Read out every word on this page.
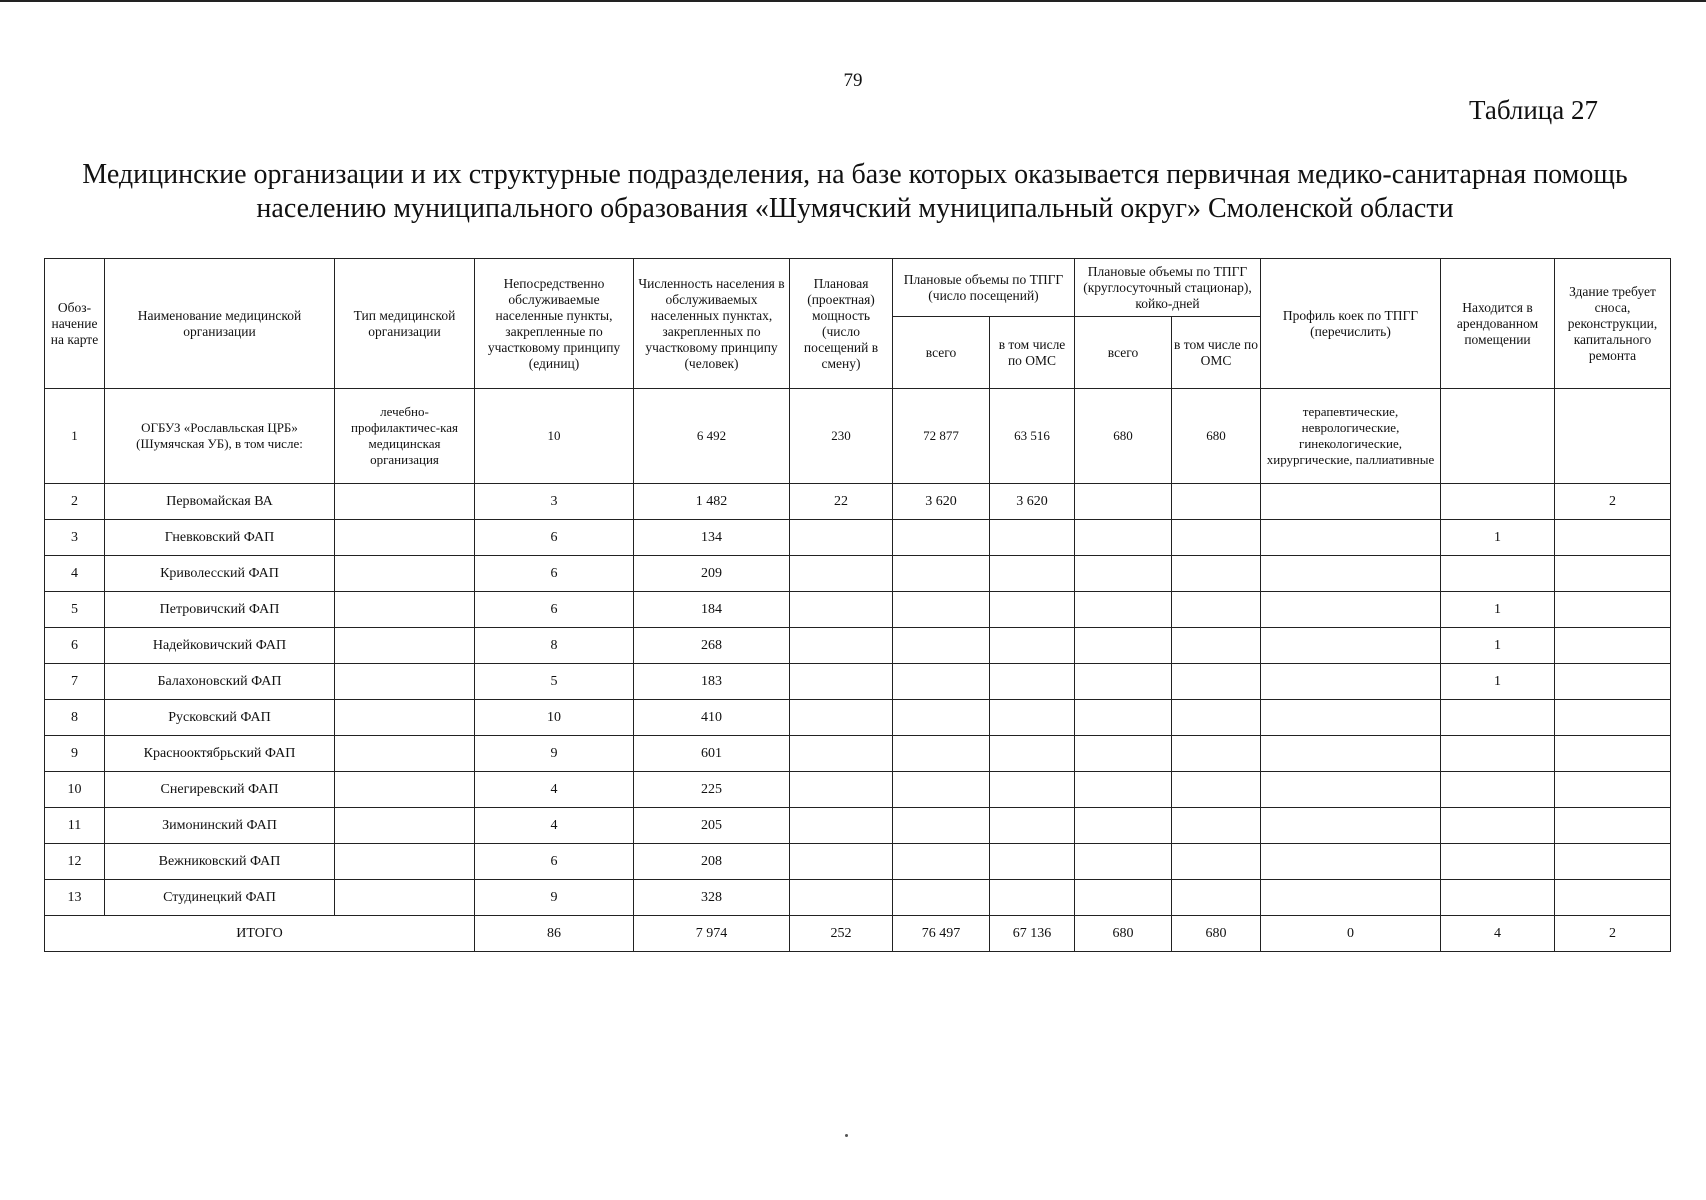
79
Таблица 27
Медицинские организации и их структурные подразделения, на базе которых оказывается первичная медико-санитарная помощь населению муниципального образования «Шумячский муниципальный округ» Смоленской области
Обоз-начение на карте	Наименование медицинской организации	Тип медицинской организации	Непосредственно обслуживаемые населенные пункты, закрепленные по участковому принципу (единиц)	Численность населения в обслуживаемых населенных пунктах, закрепленных по участковому принципу (человек)	Плановая (проектная) мощность (число посещений в смену)	Плановые объемы по ТПГГ (число посещений)		Плановые объемы по ТПГГ (круглосуточный стационар), койко-дней		Профиль коек по ТПГГ (перечислить)	Находится в арендованном помещении	Здание требует сноса, реконструкции, капитального ремонта
						всего	в том числе по ОМС	всего	в том числе по ОМС			
1	ОГБУЗ «Рославльская ЦРБ» (Шумячская УБ), в том числе:	лечебно-профилактичес-кая медицинская организация	10	6 492	230	72 877	63 516	680	680	терапевтические, неврологические, гинекологические, хирургические, паллиативные		
2	Первомайская ВА		3	1 482	22	3 620	3 620					2
3	Гневковский ФАП		6	134							1	
4	Криволесский ФАП		6	209								
5	Петровичский ФАП		6	184							1	
6	Надейковичский ФАП		8	268							1	
7	Балахоновский ФАП		5	183							1	
8	Русковский ФАП		10	410								
9	Краснооктябрьский ФАП		9	601								
10	Снегиревский ФАП		4	225								
11	Зимонинский ФАП		4	205								
12	Вежниковский ФАП		6	208								
13	Студинецкий ФАП		9	328								
ИТОГО			86	7 974	252	76 497	67 136	680	680	0	4	2
